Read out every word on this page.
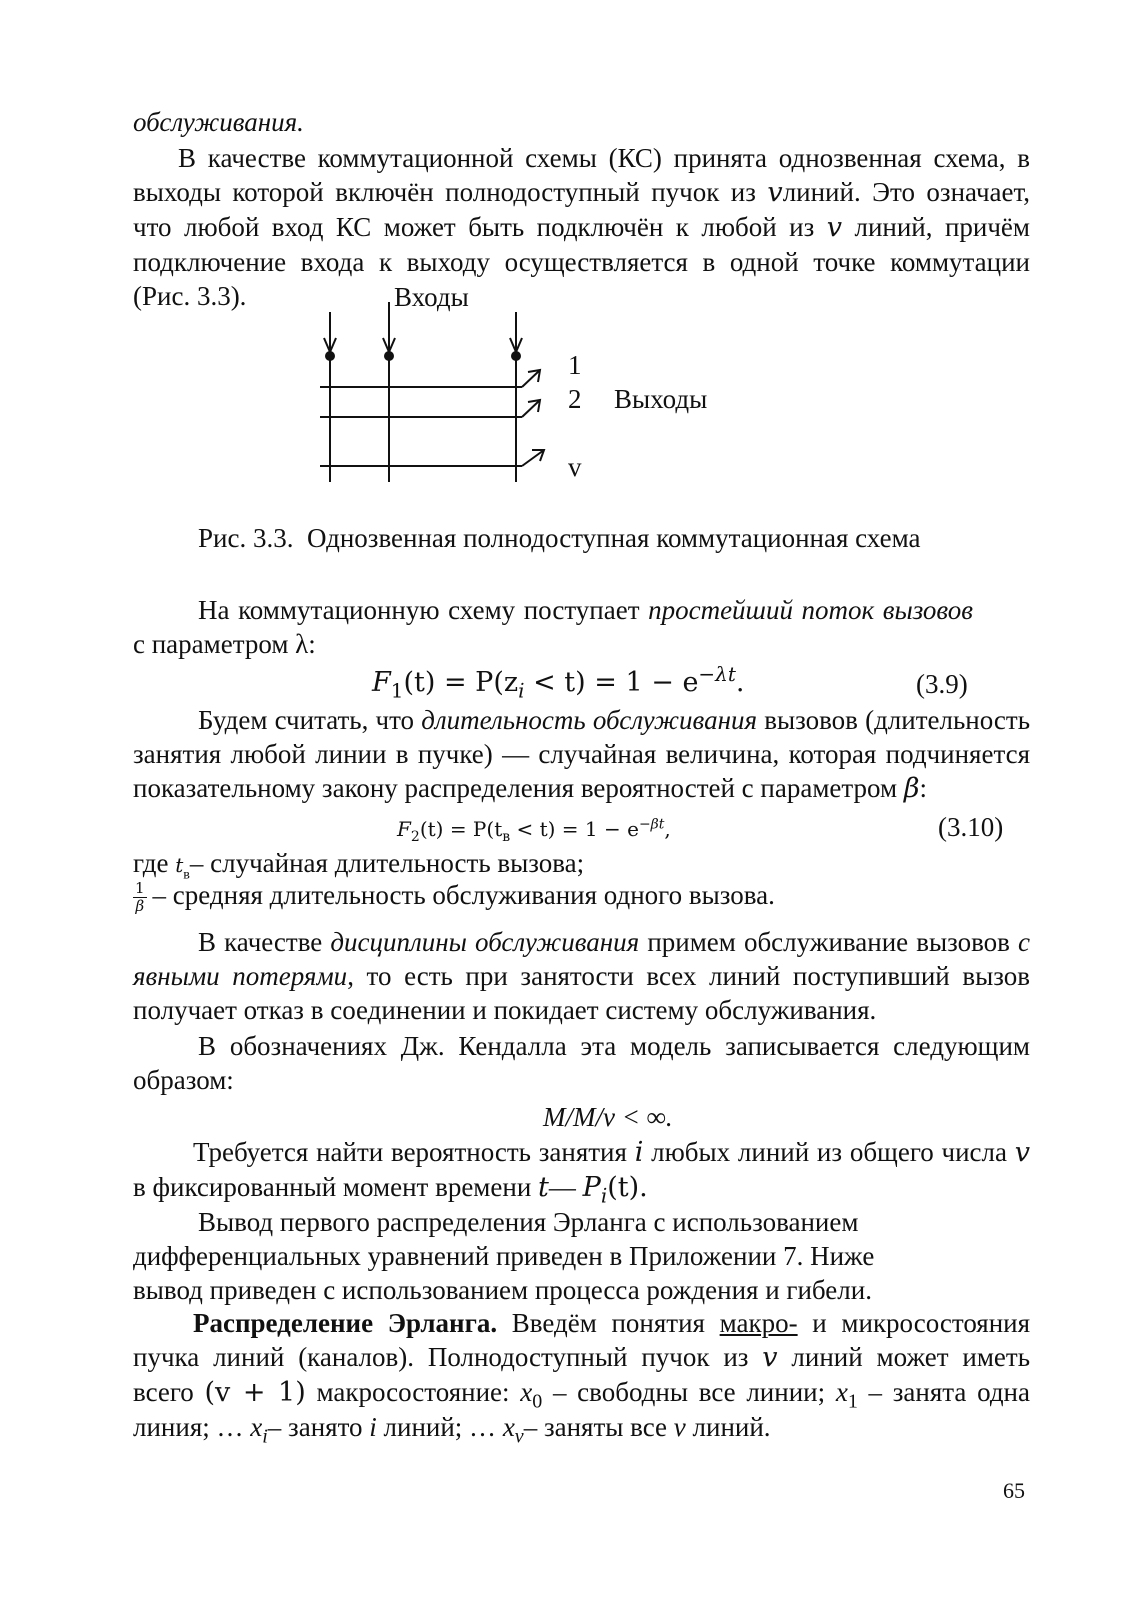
обслуживания.
В качестве коммутационной схемы (КС) принята однозвенная схема, в выходы которой включён полнодоступный пучок из vлиний. Это означает, что любой вход КС может быть подключён к любой из v линий, причём подключение входа к выходу осуществляется в одной точке коммутации (Рис. 3.3).	Входы
1
2
v
Выходы
Рис. 3.3.  Однозвенная полнодоступная коммутационная схема
На коммутационную схему поступает простейший поток вызовов с параметром λ:
$F_1(t) = P(z_i < t) = 1 - e^{-\lambda t}$.	(3.9)
Будем считать, что длительность обслуживания вызовов (длительность занятия любой линии в пучке) — случайная величина, которая подчиняется показательному закону распределения вероятностей с параметром β:
$F_2(t) = P(t_в < t) = 1 - e^{-\beta t}$,	(3.10)
где $t_в-$ случайная длительность вызова;
$\frac{1}{\beta}$ – средняя длительность обслуживания одного вызова.
В качестве дисциплины обслуживания примем обслуживание вызовов с явными потерями, то есть при занятости всех линий поступивший вызов получает отказ в соединении и покидает систему обслуживания.
В обозначениях Дж. Кендалла эта модель записывается следующим образом:
M/M/v < ∞.
Требуется найти вероятность занятия i любых линий из общего числа v в фиксированный момент времени t— $P_i(t)$.
Вывод первого распределения Эрланга с использованием дифференциальных уравнений приведен в Приложении 7. Ниже вывод приведен с использованием процесса рождения и гибели.
Распределение Эрланга. Введём понятия макро- и микросостояния пучка линий (каналов). Полнодоступный пучок из v линий может иметь всего (v + 1) макросостояние: $x_0$ – свободны все линии; $x_1$ – занята одна линия; … $x_i-$ занято i линий; … $x_v-$ заняты все v линий.
65
